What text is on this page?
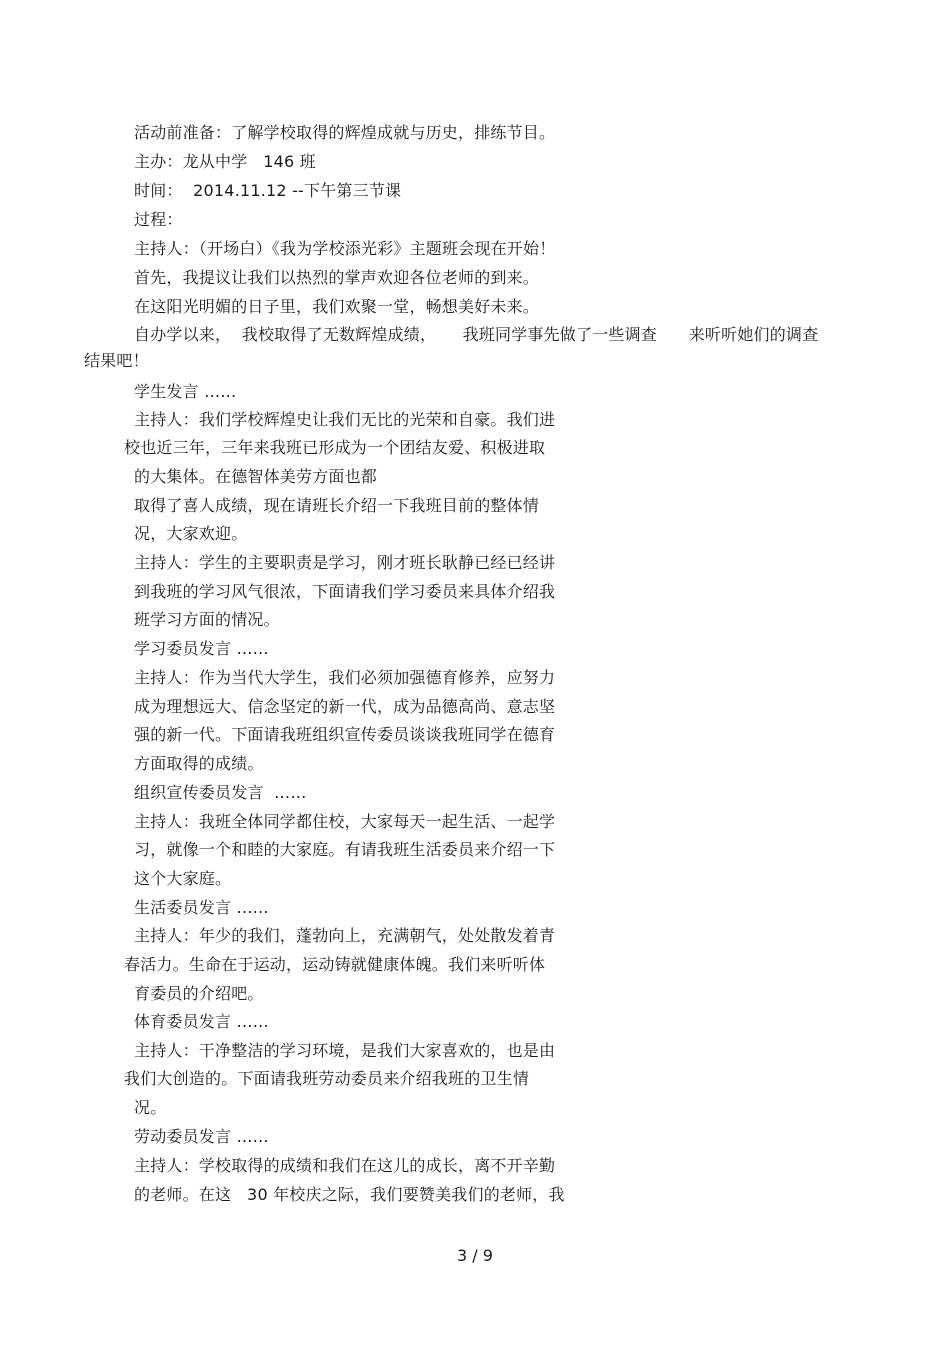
活动前准备：了解学校取得的辉煌成就与历史，排练节目。
主办：龙从中学   146 班
时间：  2014.11.12 --下午第三节课
过程：
主持人：（开场白）《我为学校添光彩》主题班会现在开始！
首先，我提议让我们以热烈的掌声欢迎各位老师的到来。
在这阳光明媚的日子里，我们欢聚一堂，畅想美好未来。
自办学以来，  我校取得了无数辉煌成绩，     我班同学事先做了一些调查      来听听她们的调查
结果吧！
学生发言 ……
主持人：我们学校辉煌史让我们无比的光荣和自豪。我们进
校也近三年，三年来我班已形成为一个团结友爱、积极进取
的大集体。在德智体美劳方面也都
取得了喜人成绩，现在请班长介绍一下我班目前的整体情
况，大家欢迎。
主持人：学生的主要职责是学习，刚才班长耿静已经已经讲
到我班的学习风气很浓，下面请我们学习委员来具体介绍我
班学习方面的情况。
学习委员发言 ……
主持人：作为当代大学生，我们必须加强德育修养，应努力
成为理想远大、信念坚定的新一代，成为品德高尚、意志坚
强的新一代。下面请我班组织宣传委员谈谈我班同学在德育
方面取得的成绩。
组织宣传委员发言  ……
主持人：我班全体同学都住校，大家每天一起生活、一起学
习，就像一个和睦的大家庭。有请我班生活委员来介绍一下
这个大家庭。
生活委员发言 ……
主持人：年少的我们，蓬勃向上，充满朝气，处处散发着青
春活力。生命在于运动，运动铸就健康体魄。我们来听听体
育委员的介绍吧。
体育委员发言 ……
主持人：干净整洁的学习环境，是我们大家喜欢的，也是由
我们大创造的。下面请我班劳动委员来介绍我班的卫生情
况。
劳动委员发言 ……
主持人：学校取得的成绩和我们在这儿的成长，离不开辛勤
的老师。在这   30 年校庆之际，我们要赞美我们的老师，我
3 / 9
